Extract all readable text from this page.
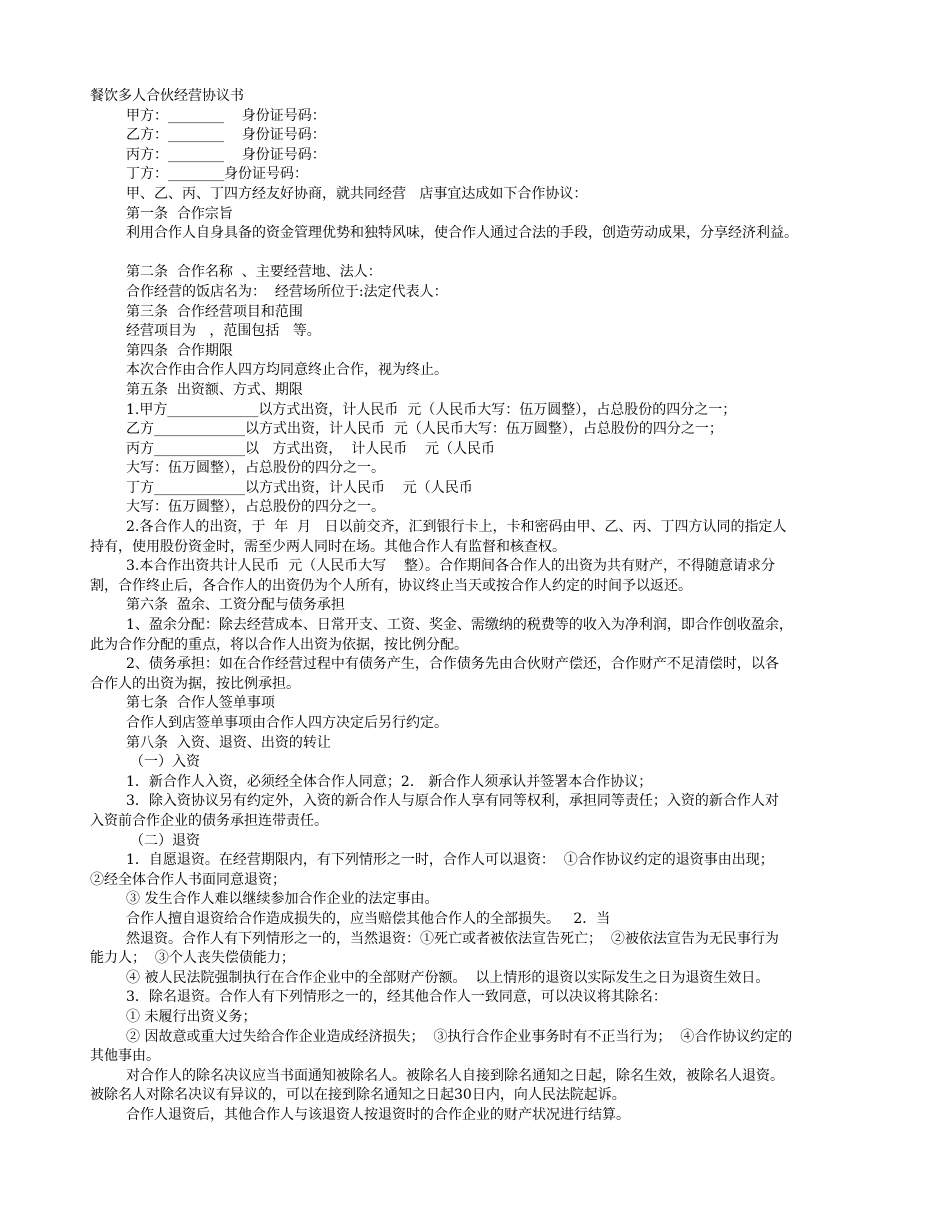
餐饮多人合伙经营协议书
甲方：________    身份证号码：
乙方：________    身份证号码：
丙方：________    身份证号码：
丁方：________身份证号码：
甲、乙、丙、丁四方经友好协商，就共同经营   店事宜达成如下合作协议：
第一条  合作宗旨
利用合作人自身具备的资金管理优势和独特风味，使合作人通过合法的手段，创造劳动成果，分享经济利益。
第二条  合作名称  、主要经营地、法人：
合作经营的饭店名为：  经营场所位于:法定代表人：
第三条  合作经营项目和范围
经营项目为   ，范围包括   等。
第四条  合作期限
本次合作由合作人四方均同意终止合作，视为终止。
第五条  出资额、方式、期限
1.甲方_____________以方式出资，计人民币  元（人民币大写：伍万圆整），占总股份的四分之一；
乙方_____________以方式出资，计人民币  元（人民币大写：伍万圆整），占总股份的四分之一；
丙方_____________以   方式出资，  计人民币    元（人民币
大写：伍万圆整），占总股份的四分之一。
丁方_____________以方式出资，计人民币    元（人民币
大写：伍万圆整），占总股份的四分之一。
2.各合作人的出资，于  年  月   日以前交齐，汇到银行卡上，卡和密码由甲、乙、丙、丁四方认同的指定人
持有，使用股份资金时，需至少两人同时在场。其他合作人有监督和核查权。
3.本合作出资共计人民币  元（人民币大写    整）。合作期间各合作人的出资为共有财产，不得随意请求分
割，合作终止后，各合作人的出资仍为个人所有，协议终止当天或按合作人约定的时间予以返还。
第六条  盈余、工资分配与债务承担
1、盈余分配：除去经营成本、日常开支、工资、奖金、需缴纳的税费等的收入为净利润，即合作创收盈余，
此为合作分配的重点，将以合作人出资为依据，按比例分配。
2、债务承担：如在合作经营过程中有债务产生，合作债务先由合伙财产偿还，合作财产不足清偿时，以各
合作人的出资为据，按比例承担。
第七条  合作人签单事项
合作人到店签单事项由合作人四方决定后另行约定。
第八条  入资、退资、出资的转让
（一）入资
1．新合作人入资，必须经全体合作人同意；2． 新合作人须承认并签署本合作协议；
3．除入资协议另有约定外，入资的新合作人与原合作人享有同等权利，承担同等责任；入资的新合作人对
入资前合作企业的债务承担连带责任。
（二）退资
1．自愿退资。在经营期限内，有下列情形之一时，合作人可以退资：  ①合作协议约定的退资事由出现；
②经全体合作人书面同意退资；
③ 发生合作人难以继续参加合作企业的法定事由。
合作人擅自退资给合作造成损失的，应当赔偿其他合作人的全部损失。   2．当
然退资。合作人有下列情形之一的，当然退资：①死亡或者被依法宣告死亡；  ②被依法宣告为无民事行为
能力人；  ③个人丧失偿债能力；
④ 被人民法院强制执行在合作企业中的全部财产份额。  以上情形的退资以实际发生之日为退资生效日。
3．除名退资。合作人有下列情形之一的，经其他合作人一致同意，可以决议将其除名：
① 未履行出资义务；
② 因故意或重大过失给合作企业造成经济损失；  ③执行合作企业事务时有不正当行为；  ④合作协议约定的
其他事由。
对合作人的除名决议应当书面通知被除名人。被除名人自接到除名通知之日起，除名生效，被除名人退资。
被除名人对除名决议有异议的，可以在接到除名通知之日起30日内，向人民法院起诉。
合作人退资后，其他合作人与该退资人按退资时的合作企业的财产状况进行结算。
